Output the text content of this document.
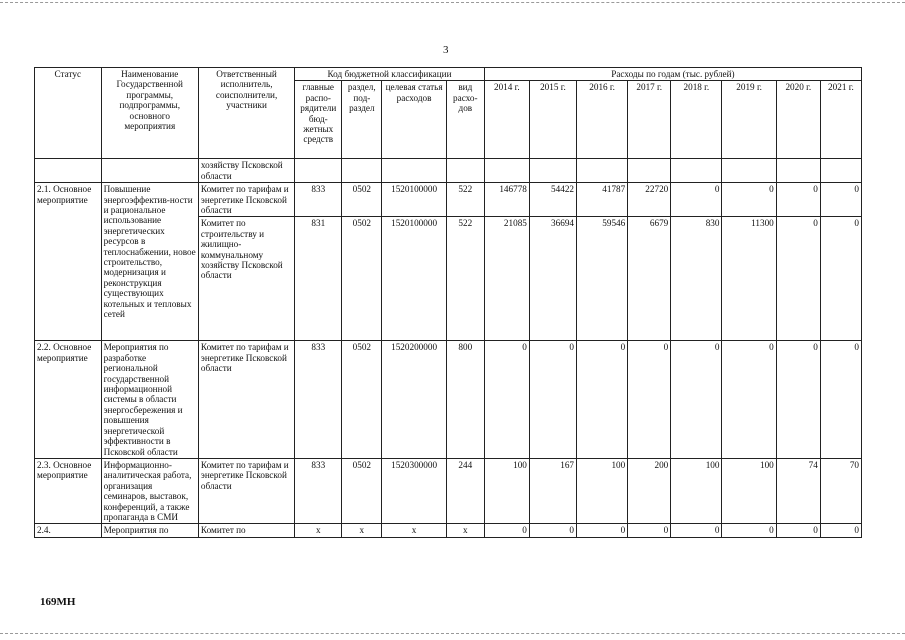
3
Статус	Наименование Государственной программы, подпрограммы, основного мероприятия	Ответственный исполнитель, соисполнители, участники	Код бюджетной классификации				Расходы по годам (тыс. рублей)							
			главные распо-рядители бюд-жетных средств	раздел, под-раздел	целевая статья расходов	вид расхо-дов	2014 г.	2015 г.	2016 г.	2017 г.	2018 г.	2019 г.	2020 г.	2021 г.
		хозяйству Псковской области												
2.1. Основное мероприятие	Повышение энергоэффектив-ности и рациональное использование энергетических ресурсов в теплоснабжении, новое строительство, модернизация и реконструкция существующих котельных и тепловых сетей	Комитет по тарифам и энергетике Псковской области	833	0502	1520100000	522	146778	54422	41787	22720	0	0	0	0
		Комитет по строительству и жилищно-коммунальному хозяйству Псковской области	831	0502	1520100000	522	21085	36694	59546	6679	830	11300	0	0
2.2. Основное мероприятие	Мероприятия по разработке региональной государственной информационной системы в области энергосбережения и повышения энергетической эффективности в Псковской области	Комитет по тарифам и энергетике Псковской области	833	0502	1520200000	800	0	0	0	0	0	0	0	0
2.3. Основное мероприятие	Информационно-аналитическая работа, организация семинаров, выставок, конференций, а также пропаганда в СМИ	Комитет по тарифам и энергетике Псковской области	833	0502	1520300000	244	100	167	100	200	100	100	74	70
2.4.	Мероприятия по	Комитет по	х	х	х	х	0	0	0	0	0	0	0	0
169МН
